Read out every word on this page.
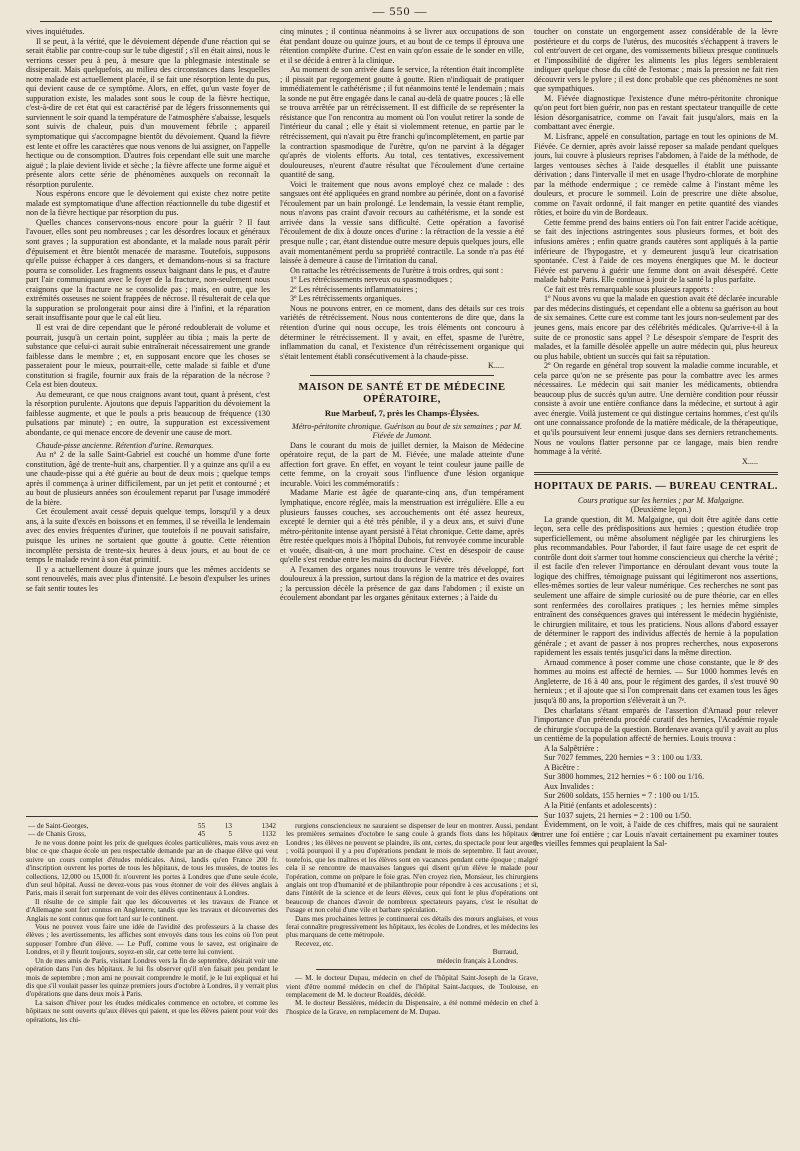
— 550 —

vives inquiétudes.

Il se peut, à la vérité, que le dévoiement dépende d'une réaction qui se serait établie par contre-coup sur le tube digestif ; s'il en était ainsi, nous le verrions cesser peu à peu, à mesure que la phlegmasie intestinale se dissiperait. Mais quelquefois, au milieu des circonstances dans lesquelles notre malade est actuellement placée, il se fait une résorption lente du pus, qui devient cause de ce symptôme. Alors, en effet, qu'un vaste foyer de suppuration existe, les malades sont sous le coup de la fièvre hectique, c'est-à-dire de cet état qui est caractérisé par de légers frissonnements qui surviennent le soir quand la température de l'atmosphère s'abaisse, lesquels sont suivis de chaleur, puis d'un mouvement fébrile ; appareil symptomatique qui s'accompagne bientôt du dévoiement. Quand la fièvre est lente et offre les caractères que nous venons de lui assigner, on l'appelle hectique ou de consomption. D'autres fois cependant elle suit une marche aiguë ; la plaie devient livide et sèche ; la fièvre affecte une forme aiguë et présente alors cette série de phénomènes auxquels on reconnaît la résorption purulente.

Nous espérons encore que le dévoiement qui existe chez notre petite malade est symptomatique d'une affection réactionnelle du tube digestif et non de la fièvre hectique par résorption du pus.

Quelles chances conservons-nous encore pour la guérir ? Il faut l'avouer, elles sont peu nombreuses ; car les désordres locaux et généraux sont graves ; la suppuration est abondante, et la malade nous paraît périr d'épuisement et être bientôt menacée de marasme. Toutefois, supposons qu'elle puisse échapper à ces dangers, et demandons-nous si sa fracture pourra se consolider. Les fragments osseux baignant dans le pus, et d'autre part l'air communiquant avec le foyer de la fracture, non-seulement nous craignons que la fracture ne se consolide pas ; mais, en outre, que les extrémités osseuses ne soient frappées de nécrose. Il résulterait de cela que la suppuration se prolongerait pour ainsi dire à l'infini, et la réparation serait insuffisante pour que le cal eût lieu.

Il est vrai de dire cependant que le péroné redoublerait de volume et pourrait, jusqu'à un certain point, suppléer au tibia ; mais la perte de substance que celui-ci aurait subie entraînerait nécessairement une grande faiblesse dans le membre ; et, en supposant encore que les choses se passeraient pour le mieux, pourrait-elle, cette malade si faible et d'une constitution si fragile, fournir aux frais de la réparation de la nécrose ? Cela est bien douteux.

Au demeurant, ce que nous craignons avant tout, quant à présent, c'est la résorption purulente. Ajoutons que depuis l'apparition du dévoiement la faiblesse augmente, et que le pouls a pris beaucoup de fréquence (130 pulsations par minute) ; en outre, la suppuration est excessivement abondante, ce qui menace encore de devenir une cause de mort.

Chaude-pisse ancienne. Rétention d'urine. Remarques.

Au nº 2 de la salle Saint-Gabriel est couché un homme d'une forte constitution, âgé de trente-huit ans, charpentier. Il y a quinze ans qu'il a eu une chaude-pisse qui a été guérie au bout de deux mois ; quelque temps après il commença à uriner difficilement, par un jet petit et contourné ; et au bout de plusieurs années son écoulement reparut par l'usage immodéré de la bière.

Cet écoulement avait cessé depuis quelque temps, lorsqu'il y a deux ans, à la suite d'excès en boissons et en femmes, il se réveilla le lendemain avec des envies fréquentes d'uriner, que toutefois il ne pouvait satisfaire, puisque les urines ne sortaient que goutte à goutte. Cette rétention incomplète persista de trente-six heures à deux jours, et au bout de ce temps le malade revint à son état primitif.

Il y a actuellement douze à quinze jours que les mêmes accidents se sont renouvelés, mais avec plus d'intensité. Le besoin d'expulser les urines se fait sentir toutes les

cinq minutes ; il continua néanmoins à se livrer aux occupations de son état pendant douze ou quinze jours, et au bout de ce temps il éprouva une rétention complète d'urine. C'est en vain qu'on essaie de le sonder en ville, et il se décide à entrer à la clinique.

Au moment de son arrivée dans le service, la rétention était incomplète ; il pissait par regorgement goutte à goutte. Rien n'indiquait de pratiquer immédiatement le cathétérisme ; il fut néanmoins tenté le lendemain ; mais la sonde ne put être engagée dans le canal au-delà de quatre pouces ; là elle se trouva arrêtée par un rétrécissement. Il est difficile de se représenter la résistance que l'on rencontra au moment où l'on voulut retirer la sonde de l'intérieur du canal ; elle y était si violemment retenue, en partie par le rétrécissement, qui n'avait pu être franchi qu'incomplètement, en partie par la contraction spasmodique de l'urètre, qu'on ne parvint à la dégager qu'après de violents efforts. Au total, ces tentatives, excessivement douloureuses, n'eurent d'autre résultat que l'écoulement d'une certaine quantité de sang.

Voici le traitement que nous avons employé chez ce malade : des sangsues ont été appliquées en grand nombre au périnée, dont on a favorisé l'écoulement par un bain prolongé. Le lendemain, la vessie étant remplie, nous n'avons pas craint d'avoir recours au cathétérisme, et la sonde est arrivée dans la vessie sans difficulté. Cette opération a favorisé l'écoulement de dix à douze onces d'urine : la rétraction de la vessie a été presque nulle ; car, étant distendue outre mesure depuis quelques jours, elle avait momentanément perdu sa propriété contractile. La sonde n'a pas été laissée à demeure à cause de l'irritation du canal.

On rattache les rétrécissements de l'urètre à trois ordres, qui sont :

1º Les rétrécissements nerveux ou spasmodiques ;

2º Les rétrécissements inflammatoires ;

3º Les rétrécissements organiques.

Nous ne pouvons entrer, en ce moment, dans des détails sur ces trois variétés de rétrécissement. Nous nous contenterons de dire que, dans la rétention d'urine qui nous occupe, les trois éléments ont concouru à déterminer le rétrécissement. Il y avait, en effet, spasme de l'urètre, inflammation du canal, et l'existence d'un rétrécissement organique qui s'était lentement établi consécutivement à la chaude-pisse.

K.....

MAISON DE SANTÉ ET DE MÉDECINE OPÉRATOIRE,
Rue Marbeuf, 7, près les Champs-Élysées.

Métro-péritonite chronique. Guérison au bout de six semaines ; par M. Fiévée de Jumont.

Dans le courant du mois de juillet dernier, la Maison de Médecine opératoire reçut, de la part de M. Fiévée, une malade atteinte d'une affection fort grave. En effet, en voyant le teint couleur jaune paille de cette femme, on la croyait sous l'influence d'une lésion organique incurable. Voici les commémoratifs :

Madame Marie est âgée de quarante-cinq ans, d'un tempérament lymphatique, encore réglée, mais la menstruation est irrégulière. Elle a eu plusieurs fausses couches, ses accouchements ont été assez heureux, excepté le dernier qui a été très pénible, il y a deux ans, et suivi d'une métro-péritonite intense ayant persisté à l'état chronique. Cette dame, après être restée quelques mois à l'hôpital Dubois, fut renvoyée comme incurable et vouée, disait-on, à une mort prochaine. C'est en désespoir de cause qu'elle s'est rendue entre les mains du docteur Fiévée.

A l'examen des organes nous trouvons le ventre très développé, fort douloureux à la pression, surtout dans la région de la matrice et des ovaires ; la percussion décèle la présence de gaz dans l'abdomen ; il existe un écoulement abondant par les organes génitaux externes ; à l'aide du

toucher on constate un engorgement assez considérable de la lèvre postérieure et du corps de l'utérus, des mucosités s'échappent à travers le col entr'ouvert de cet organe, des vomissements bilieux presque continuels et l'impossibilité de digérer les aliments les plus légers sembleraient indiquer quelque chose du côté de l'estomac ; mais la pression ne fait rien découvrir vers le pylore ; il est donc probable que ces phénomènes ne sont que sympathiques.

M. Fiévée diagnostique l'existence d'une métro-péritonite chronique qu'on peut fort bien guérir, non pas en restant spectateur tranquille de cette lésion désorganisatrice, comme on l'avait fait jusqu'alors, mais en la combattant avec énergie.

M. Lisfranc, appelé en consultation, partage en tout les opinions de M. Fiévée. Ce dernier, après avoir laissé reposer sa malade pendant quelques jours, lui couvre à plusieurs reprises l'abdomen, à l'aide de la méthode, de larges ventouses sèches à l'aide desquelles il établit une puissante dérivation ; dans l'intervalle il met en usage l'hydro-chlorate de morphine par la méthode endermique ; ce remède calme à l'instant même les douleurs, et procure le sommeil. Loin de prescrire une diète absolue, comme on l'avait ordonné, il fait manger en petite quantité des viandes rôties, et boire du vin de Bordeaux.

Cette femme prend des bains entiers où l'on fait entrer l'acide acétique, se fait des injections astringentes sous plusieurs formes, et boit des infusions amères ; enfin quatre grands cautères sont appliqués à la partie inférieure de l'hypogastre, et y demeurent jusqu'à leur cicatrisation spontanée. C'est à l'aide de ces moyens énergiques que M. le docteur Fiévée est parvenu à guérir une femme dont on avait désespéré. Cette malade habite Paris. Elle continue à jouir de la santé la plus parfaite.

Ce fait est très remarquable sous plusieurs rapports :

1º Nous avons vu que la malade en question avait été déclarée incurable par des médecins distingués, et cependant elle a obtenu sa guérison au bout de six semaines. Cette cure est comme tant les jours non-seulement par des jeunes gens, mais encore par des célébrités médicales. Qu'arrive-t-il à la suite de ce pronostic sans appel ? Le désespoir s'empare de l'esprit des malades, et la famille désolée appelle un autre médecin qui, plus heureux ou plus habile, obtient un succès qui fait sa réputation.

2º On regarde en général trop souvent la maladie comme incurable, et cela parce qu'on ne se présente pas pour la combattre avec les armes nécessaires. Le médecin qui sait manier les médicaments, obtiendra beaucoup plus de succès qu'un autre. Une dernière condition pour réussir consiste à avoir une entière confiance dans la médecine, et surtout à agir avec énergie. Voilà justement ce qui distingue certains hommes, c'est qu'ils ont une connaissance profonde de la matière médicale, de la thérapeutique, et qu'ils poursuivent leur ennemi jusque dans ses derniers retranchements. Nous ne voulons flatter personne par ce langage, mais bien rendre hommage à la vérité.

X.....

HOPITAUX DE PARIS. — BUREAU CENTRAL.

Cours pratique sur les hernies ; par M. Malgaigne.

(Deuxième leçon.)

La grande question, dit M. Malgaigne, qui doit être agitée dans cette leçon, sera celle des prédispositions aux hernies ; question étudiée trop superficiellement, ou même absolument négligée par les chirurgiens les plus recommandables. Pour l'aborder, il faut faire usage de cet esprit de contrôle dont doit s'armer tout homme consciencieux qui cherche la vérité ; il est facile d'en relever l'importance en déroulant devant vous toute la logique des chiffres, témoignage puissant qui légitimeront nos assertions, elles-mêmes sorties de leur valeur numérique. Ces recherches ne sont pas seulement une affaire de simple curiosité ou de pure théorie, car en elles sont renfermées des corollaires pratiques ; les hernies même simples entraînent des conséquences graves qui intéressent le médecin hygiéniste, le chirurgien militaire, et tous les praticiens. Nous allons d'abord essayer de déterminer le rapport des individus affectés de hernie à la population générale ; et avant de passer à nos propres recherches, nous exposerons rapidement les essais tentés jusqu'ici dans la même direction.

Arnaud commence à poser comme une chose constante, que le 8ᵉ des hommes au moins est affecté de hernies. — Sur 1000 hommes levés en Angleterre, de 16 à 40 ans, pour le régiment des gardes, il s'est trouvé 90 hernieux ; et il ajoute que si l'on comprenait dans cet examen tous les âges jusqu'à 80 ans, la proportion s'élèverait à un 7ᵉ.

Des charlatans s'étant emparés de l'assertion d'Arnaud pour relever l'importance d'un prétendu procédé curatif des hernies, l'Académie royale de chirurgie s'occupa de la question. Bordenave avança qu'il y avait au plus un centième de la population affecté de hernies. Louis trouva :

A la Salpêtrière :

Sur 7027 femmes, 220 hernies = 3 : 100 ou 1/33.

A Bicêtre :

Sur 3800 hommes, 212 hernies = 6 : 100 ou 1/16.

Aux Invalides :

Sur 2600 soldats, 155 hernies = 7 : 100 ou 1/15.

A la Pitié (enfants et adolescents) :

Sur 1037 sujets, 21 hernies = 2 : 100 ou 1/50.

Évidemment, on le voit, à l'aide de ces chiffres, mais qui ne sauraient entrer une foi entière ; car Louis n'avait certainement pu examiner toutes les vieilles femmes qui peuplaient la Sal-

— de Saint-Georges,	55	13	1342
— de Chanis Gross,	45	5	1132

Je ne vous donne point les prix de quelques écoles particulières, mais vous avez en bloc ce que chaque école un peu respectable demande par an de chaque élève qui veut suivre un cours complet d'études médicales. Ainsi, landis qu'en France 200 fr. d'inscription ouvrent les portes de tous les hôpitaux, de tous les musées, de toutes les collections, 12,000 ou 15,000 fr. n'ouvrent les portes à Londres que d'une seule école, d'un seul hôpital. Aussi ne devez-vous pas vous étonner de voir des élèves anglais à Paris, mais il serait fort surprenant de voir des élèves continentaux à Londres.

Il résulte de ce simple fait que les découvertes et les travaux de France et d'Allemagne sont fort connus en Angleterre, tandis que les travaux et découvertes des Anglais ne sont connus que fort tard sur le continent.

Vous ne pouvez vous faire une idée de l'avidité des professeurs à la chasse des élèves ; les avertissements, les affiches sont envoyés dans tous les coins où l'on peut supposer l'ombre d'un élève. — Le Puff, comme vous le savez, est originaire de Londres, et il y fleurit toujours, soyez-en sûr, car cette terre lui convient.

Un de mes amis de Paris, visitant Londres vers la fin de septembre, désirait voir une opération dans l'un des hôpitaux. Je lui fis observer qu'il n'en faisait peu pendant le mois de septembre ; mon ami ne pouvait comprendre le motif, je le lui expliquai et lui dis que s'il voulait passer les quinze premiers jours d'octobre à Londres, il y verrait plus d'opérations que dans deux mois à Paris.

La saison d'hiver pour les études médicales commence en octobre, et comme les hôpitaux ne sont ouverts qu'aux élèves qui paient, et que les élèves paient pour voir des opérations, les chi-

rurgiens consciencieux ne sauraient se dispenser de leur en montrer. Aussi, pendant les premières semaines d'octobre le sang coule à grands flots dans les hôpitaux de Londres ; les élèves ne peuvent se plaindre, ils ont, certes, du spectacle pour leur argent ; voilà pourquoi il y a peu d'opérations pendant le mois de septembre. Il faut avouer, toutefois, que les maîtres et les élèves sont en vacances pendant cette époque ; malgré cela il se rencontre de mauvaises langues qui disent qu'un élève le malade pour l'opération, comme on prépare le foie gras. N'en croyez rien, Monsieur, les chirurgiens anglais ont trop d'humanité et de philanthropie pour répondre à ces accusations ; et si, dans l'intérêt de la science et de leurs élèves, ceux qui font le plus d'opérations ont beaucoup de chances d'avoir de nombreux spectateurs payans, c'est le résultat de l'usage et non celui d'une vile et barbare spéculation.

Dans mes prochaines lettres je continuerai ces détails des mœurs anglaises, et vous ferai connaître progressivement les hôpitaux, les écoles de Londres, et les médecins les plus marquans de cette métropole.

Recevez, etc.

Burraud,

médecin français à Londres.

— M. le docteur Dupau, médecin en chef de l'hôpital Saint-Joseph de la Grave, vient d'être nommé médecin en chef de l'hôpital Saint-Jacques, de Toulouse, en remplacement de M. le docteur Roaldès, décédé.

M. le docteur Bessières, médecin du Dispensaire, a été nommé médecin en chef à l'hospice de la Grave, en remplacement de M. Dupau.
